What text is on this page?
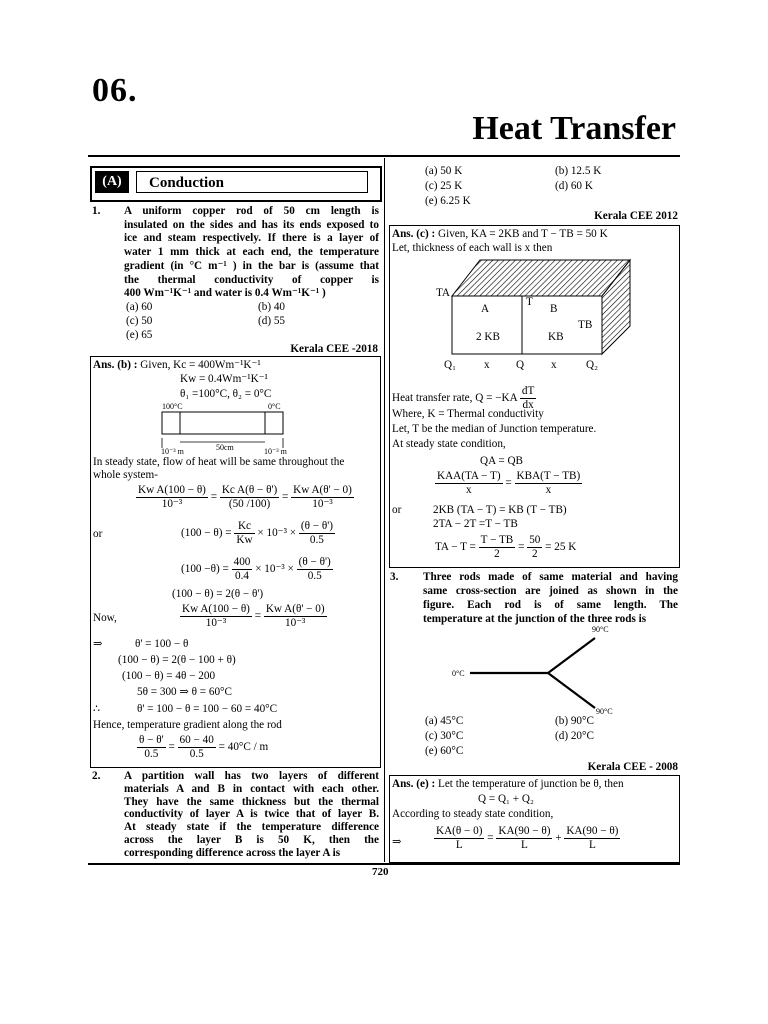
06.
Heat Transfer
(A)	Conduction
1. A uniform copper rod of 50 cm length is
insulated on the sides and has its ends exposed to
ice and steam respectively. If there is a layer of
water 1 mm thick at each end, the temperature
gradient (in °C m⁻¹ ) in the bar is (assume that
the thermal conductivity of copper is
400 Wm⁻¹K⁻¹ and water is 0.4 Wm⁻¹K⁻¹ )
(a) 60	(b) 40
(c) 50	(d) 55
(e) 65
Kerala CEE -2018
Ans. (b) : Given, Kc = 400Wm⁻¹K⁻¹
Kw = 0.4Wm⁻¹K⁻¹
θ₁ =100°C, θ₂ = 0°C
100°C	0°C
50cm
10⁻³ m	10⁻³ m
In steady state, flow of heat will be same throughout the
whole system-
$\frac{\text{Kw A(100 − θ)}}{\text{10⁻³}} = \frac{\text{Kc A(θ − θ')}}{(50 /100)} = \frac{\text{Kw A(θ' − 0)}}{\text{10⁻³}}$
or	$(100 - \theta) = \frac{Kc}{Kw} \times 10^{-3} \times \frac{(\theta - \theta')}{0.5}$
$(100 -\theta) = \frac{400}{0.4} \times 10^{-3} \times \frac{(\theta - \theta')}{0.5}$
(100 − θ) = 2(θ − θ')
Now,	$\frac{\text{Kw A(100 − θ)}}{\text{10⁻³}} = \frac{\text{Kw A(θ' − 0)}}{\text{10⁻³}}$
⇒	θ' = 100 − θ
(100 − θ) = 2(θ − 100 + θ)
(100 − θ) = 4θ − 200
5θ = 300 ⇒ θ = 60°C
∴	θ' = 100 − θ = 100 − 60 = 40°C
Hence, temperature gradient along the rod
$\frac{\theta - \theta'}{0.5} = \frac{60 - 40}{0.5} = 40^\circ C / m$
2. A partition wall has two layers of different
materials A and B in contact with each other.
They have the same thickness but the thermal
conductivity of layer A is twice that of layer B.
At steady state if the temperature difference
across the layer B is 50 K, then the
corresponding difference across the layer A is
(a) 50 K	(b) 12.5 K
(c) 25 K	(d) 60 K
(e) 6.25 K
Kerala CEE 2012
Ans. (c) : Given, KA = 2KB and T − TB = 50 K
Let, thickness of each wall is x then
TA
A
T
B
TB
2 KB	KB
Q₁	x Q x	Q₂
Heat transfer rate, $Q = -KA \frac{dT}{dx}$
Where, K = Thermal conductivity
Let, T be the median of Junction temperature.
At steady state condition,
QA = QB
$\frac{\text{KAA(TA − T)}}{x} = \frac{\text{KBA(T − TB)}}{x}$
or	2KB (TA − T) = KB (T − TB)
2TA − 2T =T − TB
TA − $T = \frac{T - TB}{2} = \frac{50}{2} = 25$ K
3. Three rods made of same material and having
same cross-section are joined as shown in the
figure. Each rod is of same length. The
temperature at the junction of the three rods is
90°C
0°C
90°C
(a) 45°C	(b) 90°C
(c) 30°C	(d) 20°C
(e) 60°C
Kerala CEE - 2008
Ans. (e) : Let the temperature of junction be θ, then
Q = Q₁ + Q₂
According to steady state condition,
⇒	$\frac{KA(\theta - 0)}{L} = \frac{KA(90 - \theta)}{L} + \frac{KA(90 - \theta)}{L}$
720
